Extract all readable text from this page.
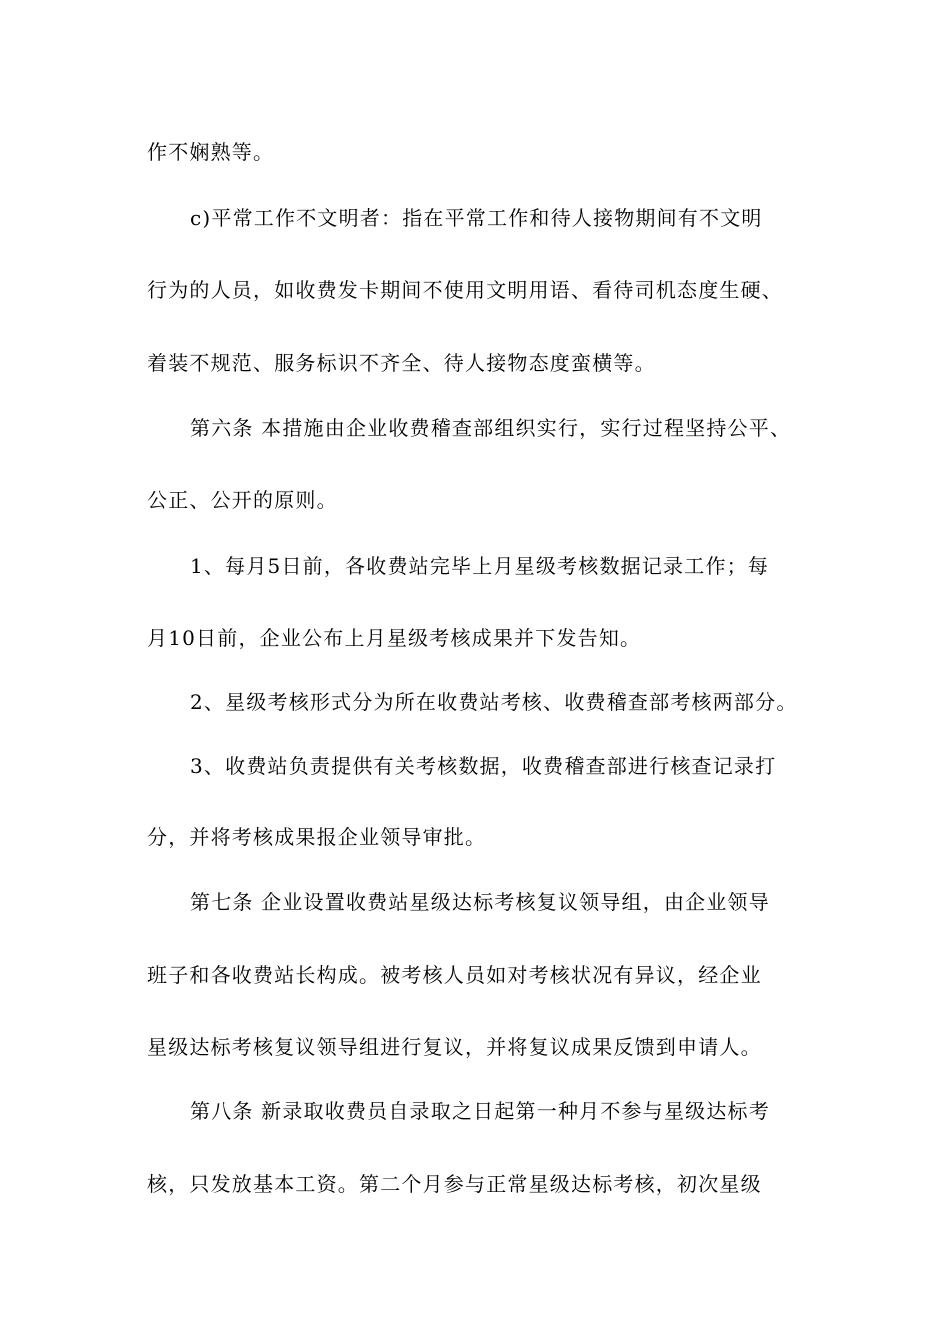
作不娴熟等。
c)平常工作不文明者：指在平常工作和待人接物期间有不文明
行为的人员，如收费发卡期间不使用文明用语、看待司机态度生硬、
着装不规范、服务标识不齐全、待人接物态度蛮横等。
第六条 本措施由企业收费稽查部组织实行，实行过程坚持公平、
公正、公开的原则。
1、每月5日前，各收费站完毕上月星级考核数据记录工作；每
月10日前，企业公布上月星级考核成果并下发告知。
2、星级考核形式分为所在收费站考核、收费稽查部考核两部分。
3、收费站负责提供有关考核数据，收费稽查部进行核查记录打
分，并将考核成果报企业领导审批。
第七条 企业设置收费站星级达标考核复议领导组，由企业领导
班子和各收费站长构成。被考核人员如对考核状况有异议，经企业
星级达标考核复议领导组进行复议，并将复议成果反馈到申请人。
第八条 新录取收费员自录取之日起第一种月不参与星级达标考
核，只发放基本工资。第二个月参与正常星级达标考核，初次星级
